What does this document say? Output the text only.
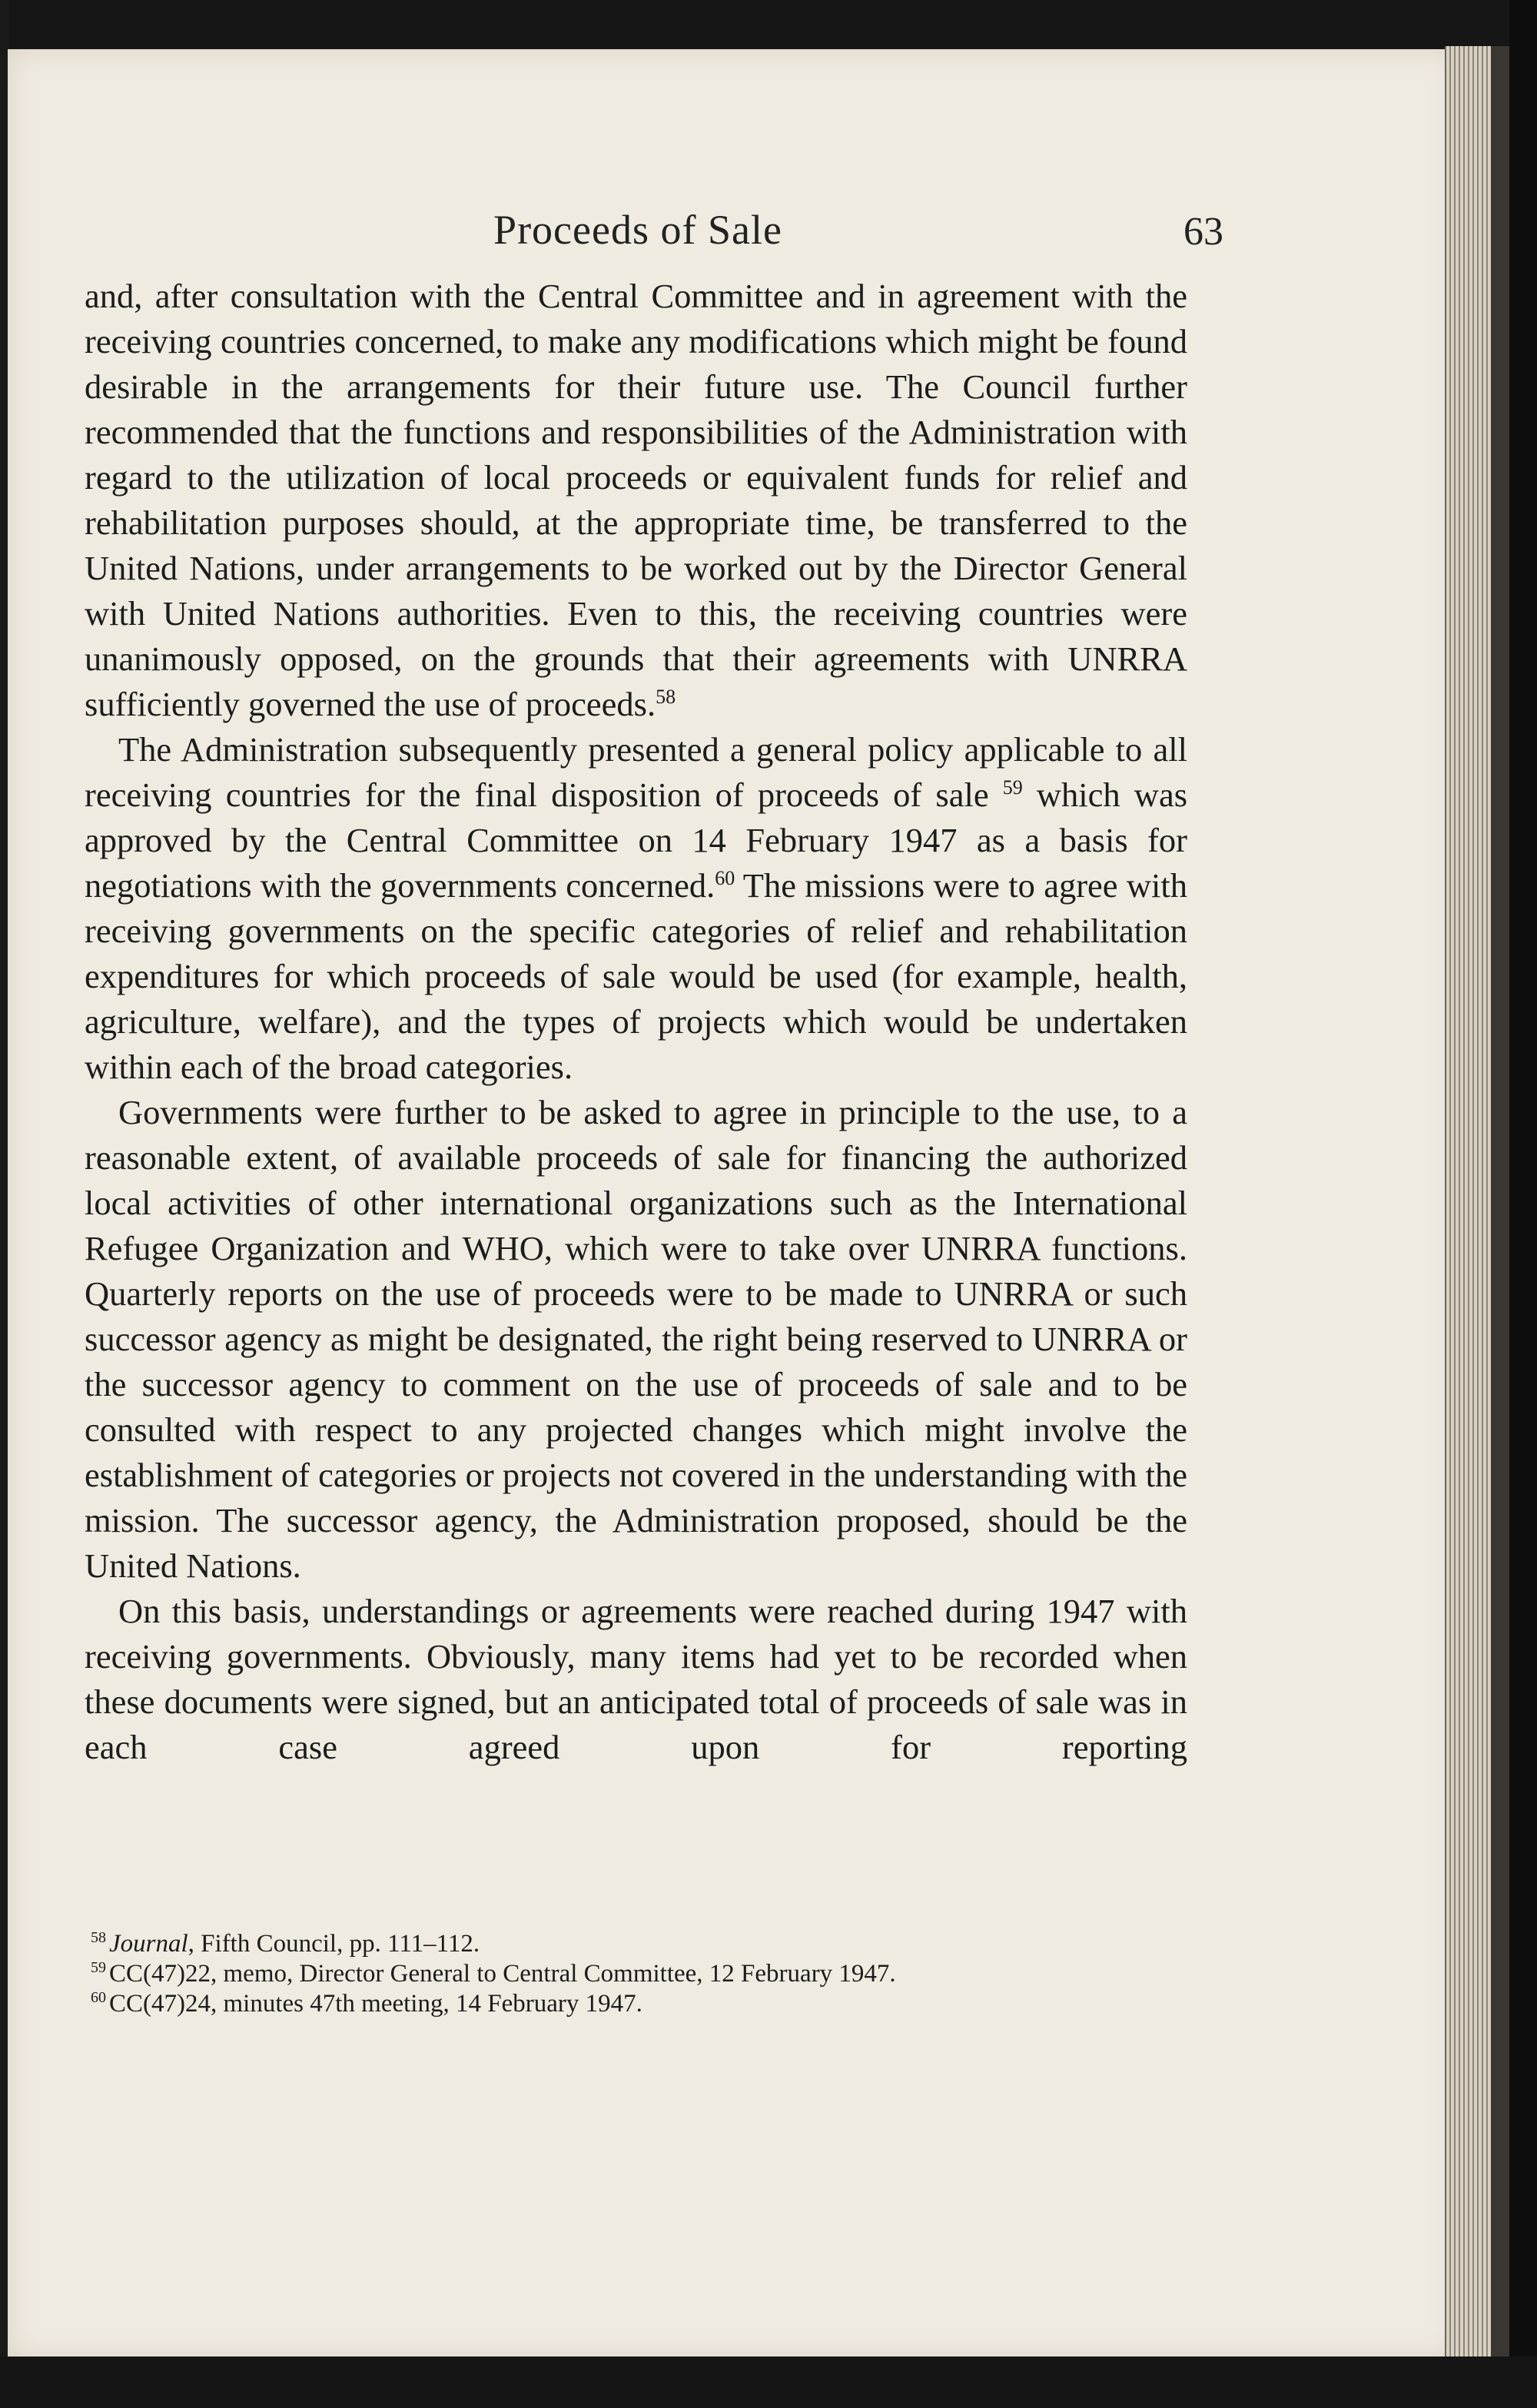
Proceeds of Sale	63

and, after consultation with the Central Committee and in agreement with the receiving countries concerned, to make any modifications which might be found desirable in the arrangements for their future use. The Council further recommended that the functions and responsibilities of the Administration with regard to the utilization of local proceeds or equivalent funds for relief and rehabilitation purposes should, at the appropriate time, be transferred to the United Nations, under arrangements to be worked out by the Director General with United Nations authorities. Even to this, the receiving countries were unanimously opposed, on the grounds that their agreements with UNRRA sufficiently governed the use of proceeds.$^{58}$

The Administration subsequently presented a general policy applicable to all receiving countries for the final disposition of proceeds of sale $^{59}$ which was approved by the Central Committee on 14 February 1947 as a basis for negotiations with the governments concerned.$^{60}$ The missions were to agree with receiving governments on the specific categories of relief and rehabilitation expenditures for which proceeds of sale would be used (for example, health, agriculture, welfare), and the types of projects which would be undertaken within each of the broad categories.

Governments were further to be asked to agree in principle to the use, to a reasonable extent, of available proceeds of sale for financing the authorized local activities of other international organizations such as the International Refugee Organization and WHO, which were to take over UNRRA functions. Quarterly reports on the use of proceeds were to be made to UNRRA or such successor agency as might be designated, the right being reserved to UNRRA or the successor agency to comment on the use of proceeds of sale and to be consulted with respect to any projected changes which might involve the establishment of categories or projects not covered in the understanding with the mission. The successor agency, the Administration proposed, should be the United Nations.

On this basis, understandings or agreements were reached during 1947 with receiving governments. Obviously, many items had yet to be recorded when these documents were signed, but an anticipated total of proceeds of sale was in each case agreed upon for reporting

$^{58}$ Journal, Fifth Council, pp. 111–112.
$^{59}$ CC(47)22, memo, Director General to Central Committee, 12 February 1947.
$^{60}$ CC(47)24, minutes 47th meeting, 14 February 1947.
